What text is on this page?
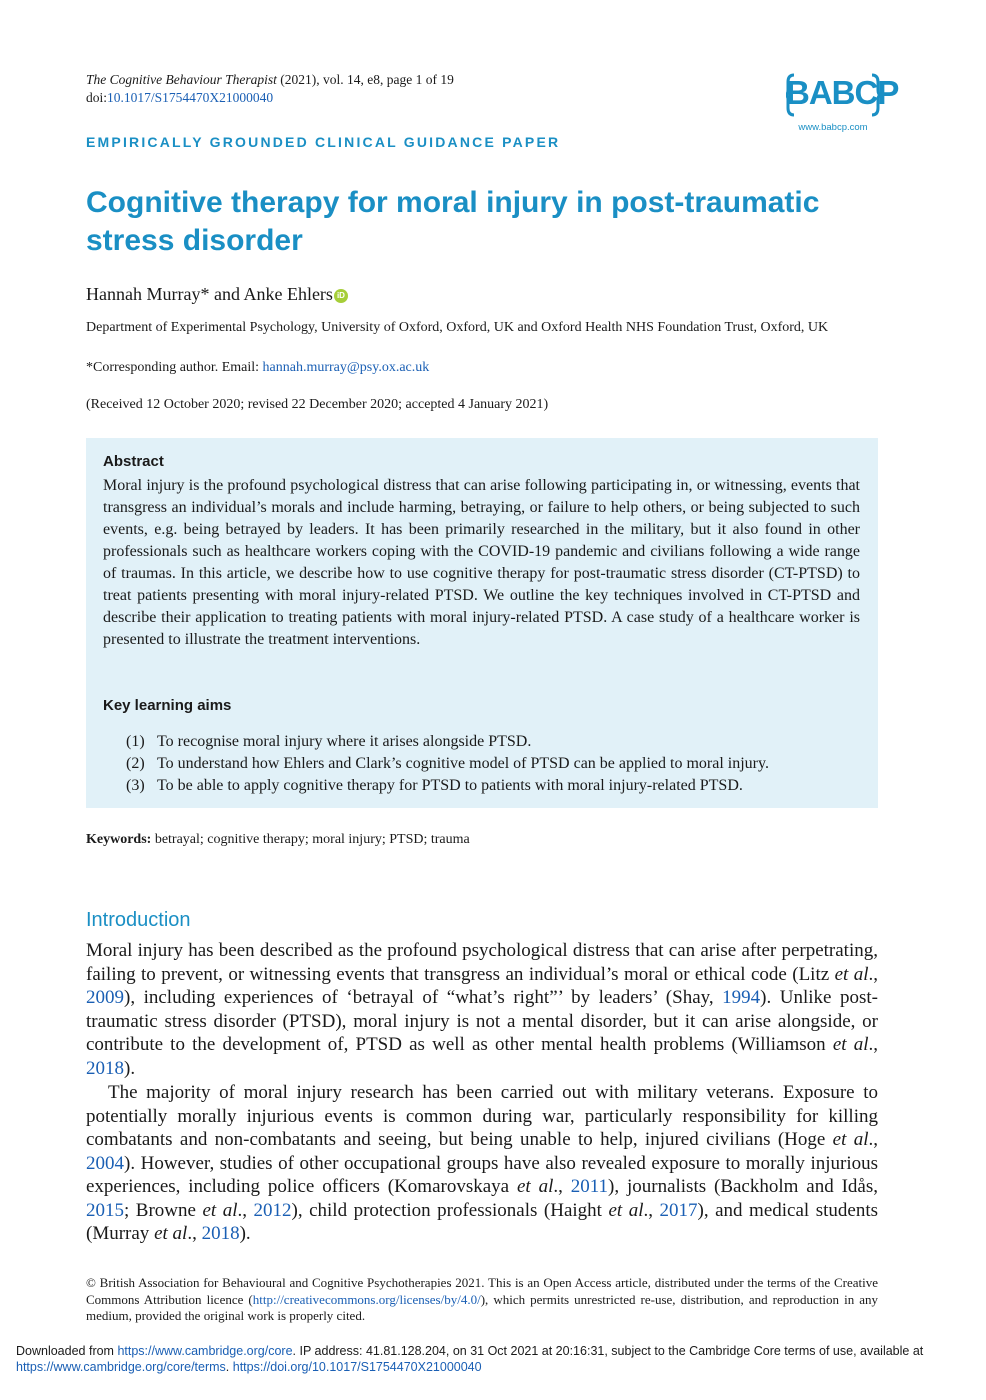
The Cognitive Behaviour Therapist (2021), vol. 14, e8, page 1 of 19
doi:10.1017/S1754470X21000040	BABCP
www.babcp.com
EMPIRICALLY GROUNDED CLINICAL GUIDANCE PAPER
Cognitive therapy for moral injury in post-traumatic stress disorder
Hannah Murray* and Anke Ehlers iD
Department of Experimental Psychology, University of Oxford, Oxford, UK and Oxford Health NHS Foundation Trust, Oxford, UK
*Corresponding author. Email: hannah.murray@psy.ox.ac.uk
(Received 12 October 2020; revised 22 December 2020; accepted 4 January 2021)
Abstract

Moral injury is the profound psychological distress that can arise following participating in, or witnessing, events that transgress an individual’s morals and include harming, betraying, or failure to help others, or being subjected to such events, e.g. being betrayed by leaders. It has been primarily researched in the military, but it also found in other professionals such as healthcare workers coping with the COVID-19 pandemic and civilians following a wide range of traumas. In this article, we describe how to use cognitive therapy for post-traumatic stress disorder (CT-PTSD) to treat patients presenting with moral injury-related PTSD. We outline the key techniques involved in CT-PTSD and describe their application to treating patients with moral injury-related PTSD. A case study of a healthcare worker is presented to illustrate the treatment interventions.

Key learning aims
(1) To recognise moral injury where it arises alongside PTSD.
(2) To understand how Ehlers and Clark’s cognitive model of PTSD can be applied to moral injury.
(3) To be able to apply cognitive therapy for PTSD to patients with moral injury-related PTSD.
Keywords: betrayal; cognitive therapy; moral injury; PTSD; trauma
Introduction

Moral injury has been described as the profound psychological distress that can arise after perpetrating, failing to prevent, or witnessing events that transgress an individual’s moral or ethical code (Litz et al., 2009), including experiences of ‘betrayal of “what’s right”’ by leaders’ (Shay, 1994). Unlike post-traumatic stress disorder (PTSD), moral injury is not a mental disorder, but it can arise alongside, or contribute to the development of, PTSD as well as other mental health problems (Williamson et al., 2018).

The majority of moral injury research has been carried out with military veterans. Exposure to potentially morally injurious events is common during war, particularly responsibility for killing combatants and non-combatants and seeing, but being unable to help, injured civilians (Hoge et al., 2004). However, studies of other occupational groups have also revealed exposure to morally injurious experiences, including police officers (Komarovskaya et al., 2011), journalists (Backholm and Idås, 2015; Browne et al., 2012), child protection professionals (Haight et al., 2017), and medical students (Murray et al., 2018).

© British Association for Behavioural and Cognitive Psychotherapies 2021. This is an Open Access article, distributed under the terms of the Creative Commons Attribution licence (http://creativecommons.org/licenses/by/4.0/), which permits unrestricted re-use, distribution, and reproduction in any medium, provided the original work is properly cited.
Downloaded from https://www.cambridge.org/core. IP address: 41.81.128.204, on 31 Oct 2021 at 20:16:31, subject to the Cambridge Core terms of use, available at https://www.cambridge.org/core/terms. https://doi.org/10.1017/S1754470X21000040
